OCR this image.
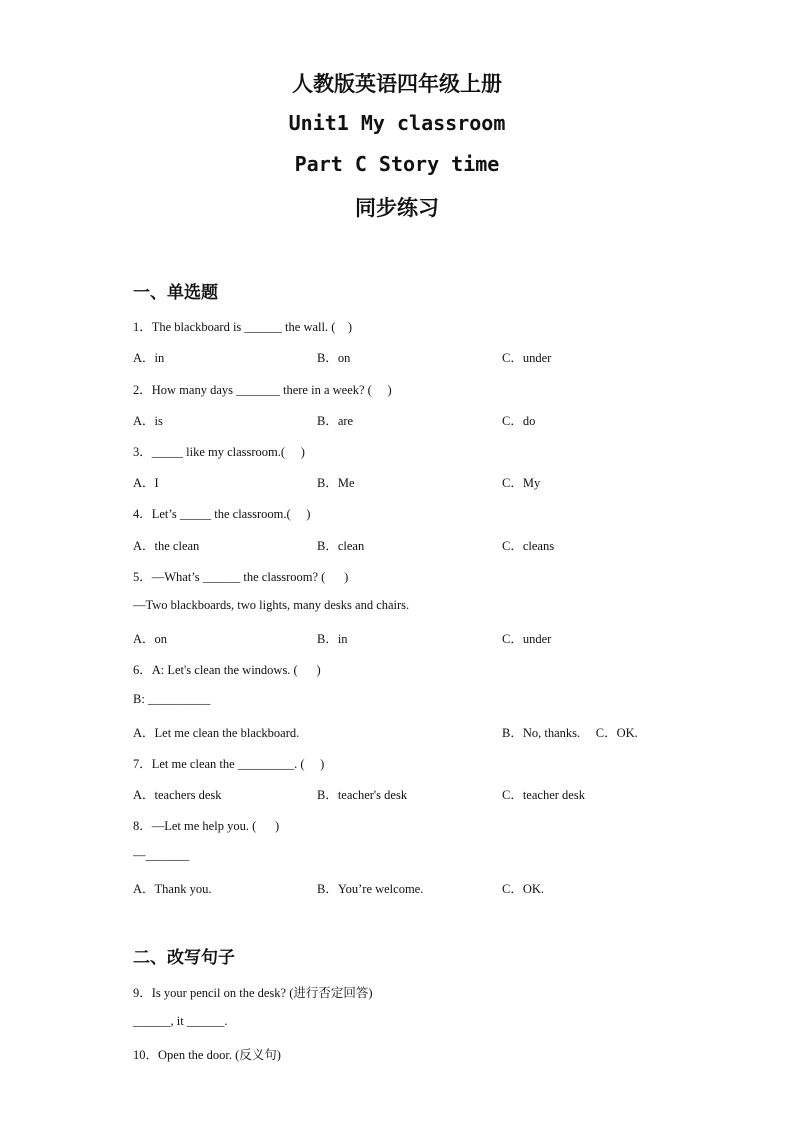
人教版英语四年级上册
Unit1 My classroom
Part C Story time
同步练习
一、单选题
1．The blackboard is ______ the wall. (    )
A．in	B．on	C．under
2．How many days _______ there in a week? (     )
A．is	B．are	C．do
3．_____ like my classroom.(     )
A．I	B．Me	C．My
4．Let’s _____ the classroom.(     )
A．the clean	B．clean	C．cleans
5．—What’s ______ the classroom? (      )
—Two blackboards, two lights, many desks and chairs.
A．on	B．in	C．under
6．A: Let's clean the windows. (      )
B: __________
A．Let me clean the blackboard.	B．No, thanks.     C．OK.
7．Let me clean the _________. (     )
A．teachers desk	B．teacher's desk	C．teacher desk
8．—Let me help you. (      )
—_______
A．Thank you.	B．You’re welcome.	C．OK.
二、改写句子
9．Is your pencil on the desk? (进行否定回答)
______, it ______.
10．Open the door. (反义句)
